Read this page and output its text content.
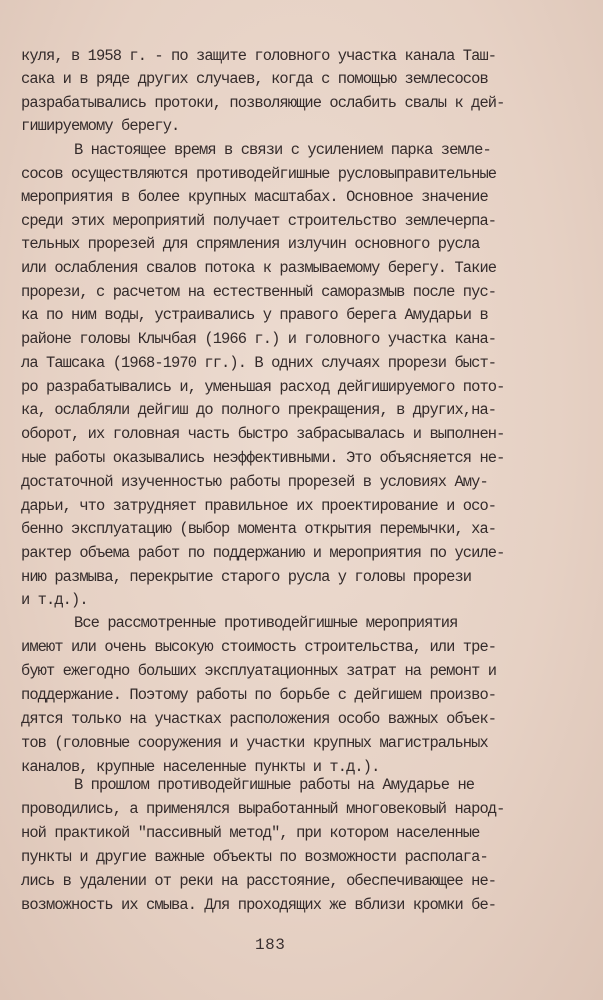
куля, в 1958 г. - по защите головного участка канала Таш-
сака и в ряде других случаев, когда с помощью землесосов
разрабатывались протоки, позволяющие ослабить свалы к дей-
гишируемому берегу.
В настоящее время в связи с усилением парка земле-
сосов осуществляются противодейгишные русловыправительные
мероприятия в более крупных масштабах. Основное значение
среди этих мероприятий получает строительство землечерпа-
тельных прорезей для спрямления излучин основного русла
или ослабления свалов потока к размываемому берегу. Такие
прорези, с расчетом на естественный саморазмыв после пус-
ка по ним воды, устраивались у правого берега Амударьи в
районе головы Клычбая (1966 г.) и головного участка кана-
ла Ташсака (1968-1970 гг.). В одних случаях прорези быст-
ро разрабатывались и, уменьшая расход дейгишируемого пото-
ка, ослабляли дейгиш до полного прекращения, в других,на-
оборот, их головная часть быстро забрасывалась и выполнен-
ные работы оказывались неэффективными. Это объясняется не-
достаточной изученностью работы прорезей в условиях Аму-
дарьи, что затрудняет правильное их проектирование и осо-
бенно эксплуатацию (выбор момента открытия перемычки, ха-
рактер объема работ по поддержанию и мероприятия по усиле-
нию размыва, перекрытие старого русла у головы прорези
и т.д.).
Все рассмотренные противодейгишные мероприятия
имеют или очень высокую стоимость строительства, или тре-
буют ежегодно больших эксплуатационных затрат на ремонт и
поддержание. Поэтому работы по борьбе с дейгишем произво-
дятся только на участках расположения особо важных объек-
тов (головные сооружения и участки крупных магистральных
каналов, крупные населенные пункты и т.д.).
В прошлом противодейгишные работы на Амударье не
проводились, а применялся выработанный многовековый народ-
ной практикой "пассивный метод", при котором населенные
пункты и другие важные объекты по возможности располага-
лись в удалении от реки на расстояние, обеспечивающее не-
возможность их смыва. Для проходящих же вблизи кромки бе-
183
